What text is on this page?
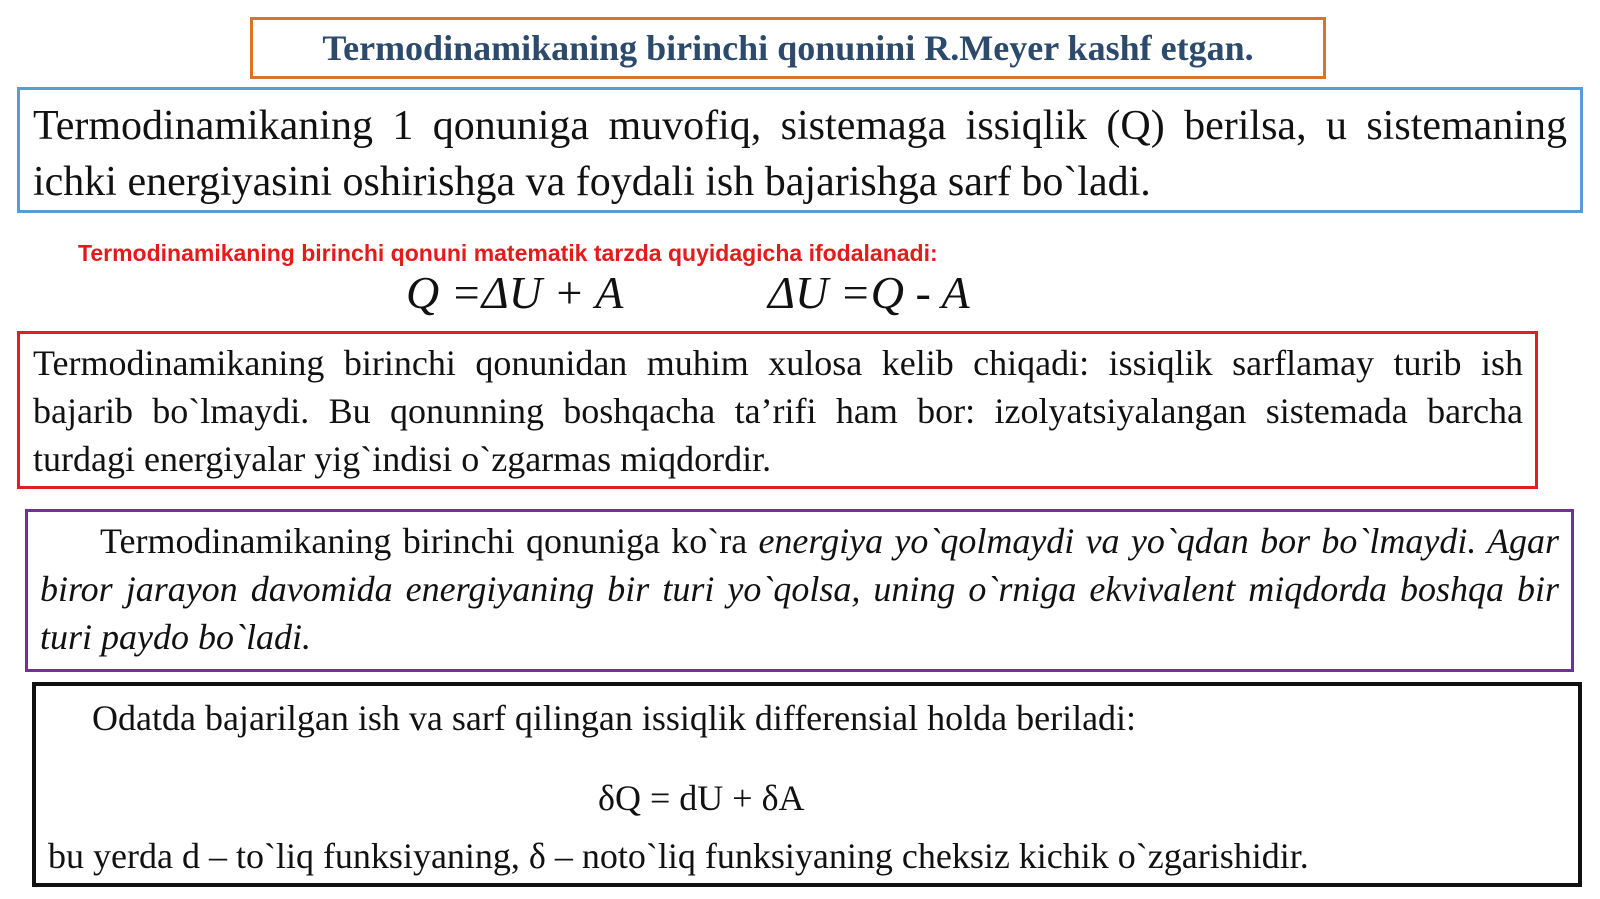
Termodinamikaning birinchi qonunini R.Meyer kashf etgan.

Termodinamikaning 1 qonuniga muvofiq, sistemaga issiqlik (Q) berilsa, u sistemaning ichki energiyasini oshirishga va foydali ish bajarishga sarf bo`ladi.

Termodinamikaning birinchi qonuni matematik tarzda quyidagicha ifodalanadi:
Q =ΔU + A	ΔU =Q - A

Termodinamikaning birinchi qonunidan muhim xulosa kelib chiqadi: issiqlik sarflamay turib ish bajarib bo`lmaydi. Bu qonunning boshqacha ta’rifi ham bor: izolyatsiyalangan sistemada barcha turdagi energiyalar yig`indisi o`zgarmas miqdordir.

Termodinamikaning birinchi qonuniga ko`ra energiya yo`qolmaydi va yo`qdan bor bo`lmaydi. Agar biror jarayon davomida energiyaning bir turi yo`qolsa, uning o`rniga ekvivalent miqdorda boshqa bir turi paydo bo`ladi.

Odatda bajarilgan ish va sarf qilingan issiqlik differensial holda beriladi:
δQ = dU + δA
bu yerda d – to`liq funksiyaning, δ – noto`liq funksiyaning cheksiz kichik o`zgarishidir.
